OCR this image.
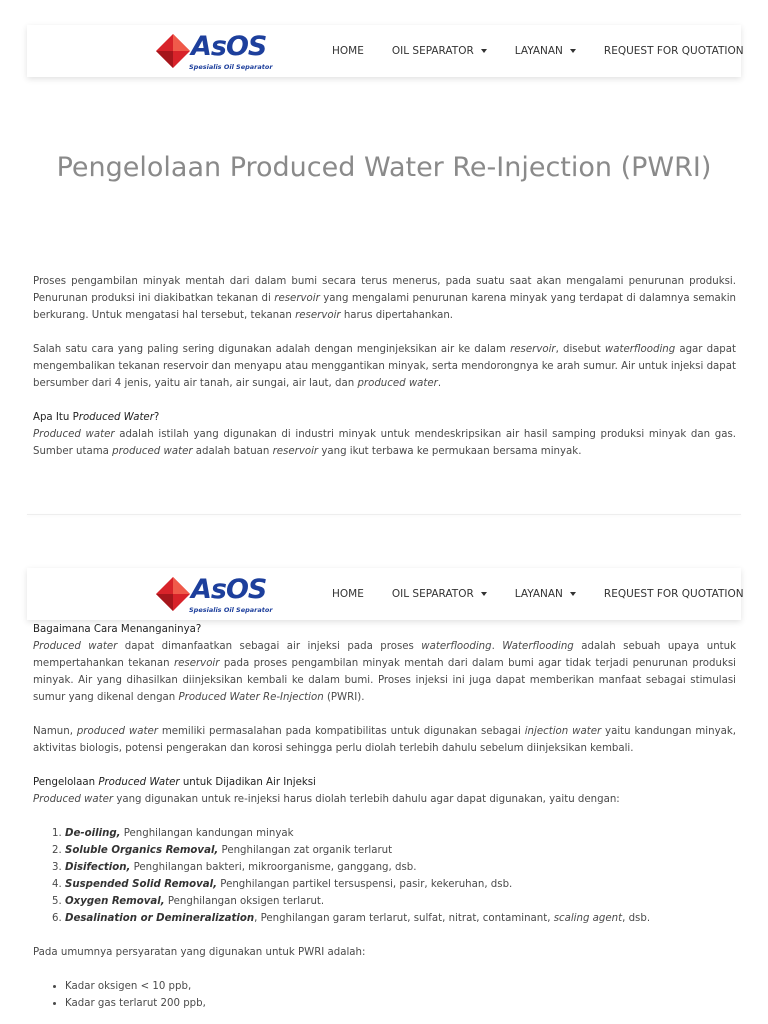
AsOS
Spesialis Oil Separator
HOME	OIL SEPARATOR	LAYANAN	REQUEST FOR QUOTATION
Pengelolaan Produced Water Re-Injection (PWRI)

Proses pengambilan minyak mentah dari dalam bumi secara terus menerus, pada suatu saat akan mengalami penurunan produksi. Penurunan produksi ini diakibatkan tekanan di reservoir yang mengalami penurunan karena minyak yang terdapat di dalamnya semakin berkurang. Untuk mengatasi hal tersebut, tekanan reservoir harus dipertahankan.

Salah satu cara yang paling sering digunakan adalah dengan menginjeksikan air ke dalam reservoir, disebut waterflooding agar dapat mengembalikan tekanan reservoir dan menyapu atau menggantikan minyak, serta mendorongnya ke arah sumur. Air untuk injeksi dapat bersumber dari 4 jenis, yaitu air tanah, air sungai, air laut, dan produced water.

Apa Itu Produced Water?

Produced water adalah istilah yang digunakan di industri minyak untuk mendeskripsikan air hasil samping produksi minyak dan gas. Sumber utama produced water adalah batuan reservoir yang ikut terbawa ke permukaan bersama minyak.

AsOS
Spesialis Oil Separator
HOME	OIL SEPARATOR	LAYANAN	REQUEST FOR QUOTATION
Bagaimana Cara Menanganinya?

Produced water dapat dimanfaatkan sebagai air injeksi pada proses waterflooding. Waterflooding adalah sebuah upaya untuk mempertahankan tekanan reservoir pada proses pengambilan minyak mentah dari dalam bumi agar tidak terjadi penurunan produksi minyak. Air yang dihasilkan diinjeksikan kembali ke dalam bumi. Proses injeksi ini juga dapat memberikan manfaat sebagai stimulasi sumur yang dikenal dengan Produced Water Re-Injection (PWRI).

Namun, produced water memiliki permasalahan pada kompatibilitas untuk digunakan sebagai injection water yaitu kandungan minyak, aktivitas biologis, potensi pengerakan dan korosi sehingga perlu diolah terlebih dahulu sebelum diinjeksikan kembali.

Pengelolaan Produced Water untuk Dijadikan Air Injeksi

Produced water yang digunakan untuk re-injeksi harus diolah terlebih dahulu agar dapat digunakan, yaitu dengan:

1. De-oiling, Penghilangan kandungan minyak
2. Soluble Organics Removal, Penghilangan zat organik terlarut
3. Disifection, Penghilangan bakteri, mikroorganisme, ganggang, dsb.
4. Suspended Solid Removal, Penghilangan partikel tersuspensi, pasir, kekeruhan, dsb.
5. Oxygen Removal, Penghilangan oksigen terlarut.
6. Desalination or Demineralization, Penghilangan garam terlarut, sulfat, nitrat, contaminant, scaling agent, dsb.

Pada umumnya persyaratan yang digunakan untuk PWRI adalah:

• Kadar oksigen < 10 ppb,
• Kadar gas terlarut 200 ppb,
